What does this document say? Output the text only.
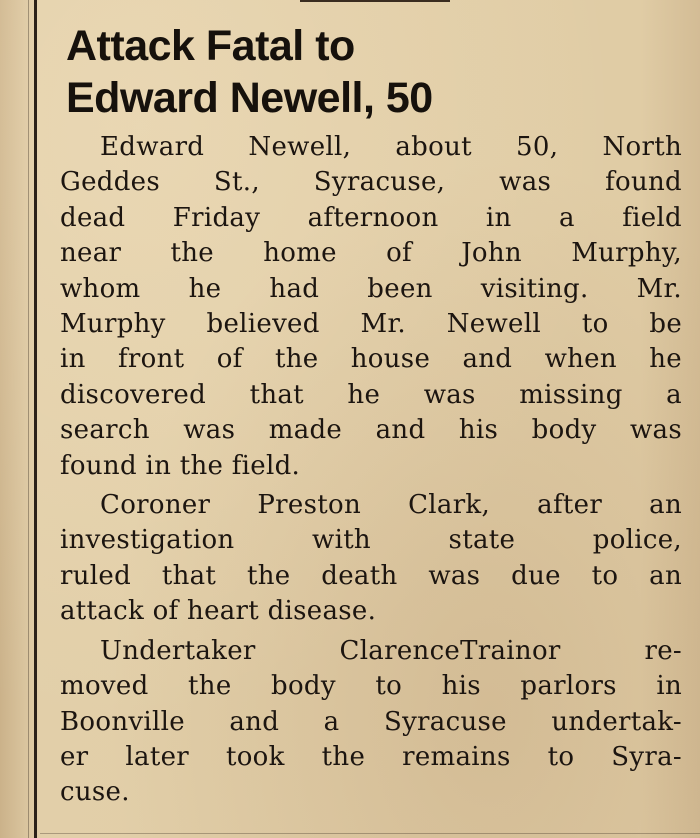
Attack Fatal to
Edward Newell, 50

Edward Newell, about 50, North
Geddes St., Syracuse, was found
dead Friday afternoon in a field
near the home of John Murphy,
whom he had been visiting. Mr.
Murphy believed Mr. Newell to be
in front of the house and when he
discovered that he was missing a
search was made and his body was
found in the field.

Coroner Preston Clark, after an
investigation with state police,
ruled that the death was due to an
attack of heart disease.

Undertaker ClarenceTrainor re-
moved the body to his parlors in
Boonville and a Syracuse undertak-
er later took the remains to Syra-
cuse.
